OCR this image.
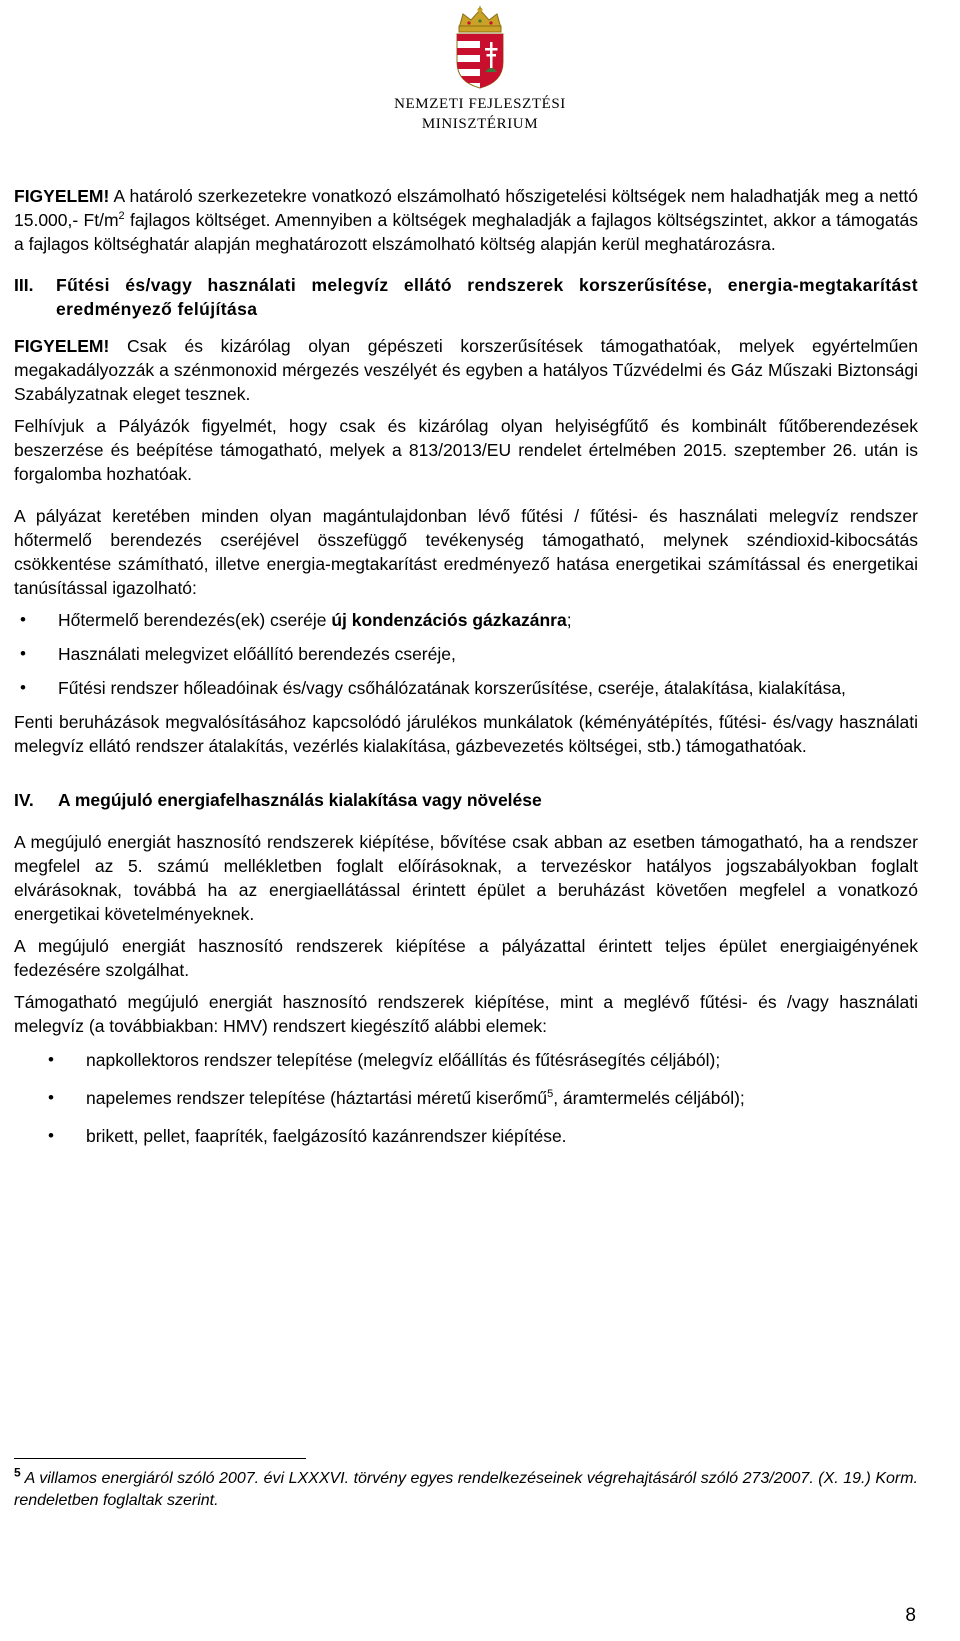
NEMZETI FEJLESZTÉSI
MINISZTÉRIUM

FIGYELEM! A határoló szerkezetekre vonatkozó elszámolható hőszigetelési költségek nem haladhatják meg a nettó 15.000,- $Ft/m^2$ fajlagos költséget. Amennyiben a költségek meghaladják a fajlagos költségszintet, akkor a támogatás a fajlagos költséghatár alapján meghatározott elszámolható költség alapján kerül meghatározásra.

III.	Fűtési és/vagy használati melegvíz ellátó rendszerek korszerűsítése, energia-megtakarítást eredményező felújítása

FIGYELEM! Csak és kizárólag olyan gépészeti korszerűsítések támogathatóak, melyek egyértelműen megakadályozzák a szénmonoxid mérgezés veszélyét és egyben a hatályos Tűzvédelmi és Gáz Műszaki Biztonsági Szabályzatnak eleget tesznek.

Felhívjuk a Pályázók figyelmét, hogy csak és kizárólag olyan helyiségfűtő és kombinált fűtőberendezések beszerzése és beépítése támogatható, melyek a 813/2013/EU rendelet értelmében 2015. szeptember 26. után is forgalomba hozhatóak.

A pályázat keretében minden olyan magántulajdonban lévő fűtési / fűtési- és használati melegvíz rendszer hőtermelő berendezés cseréjével összefüggő tevékenység támogatható, melynek széndioxid-kibocsátás csökkentése számítható, illetve energia-megtakarítást eredményező hatása energetikai számítással és energetikai tanúsítással igazolható:

• Hőtermelő berendezés(ek) cseréje új kondenzációs gázkazánra;
• Használati melegvizet előállító berendezés cseréje,
• Fűtési rendszer hőleadóinak és/vagy csőhálózatának korszerűsítése, cseréje, átalakítása, kialakítása,

Fenti beruházások megvalósításához kapcsolódó járulékos munkálatok (kéményátépítés, fűtési- és/vagy használati melegvíz ellátó rendszer átalakítás, vezérlés kialakítása, gázbevezetés költségei, stb.) támogathatóak.

IV.	A megújuló energiafelhasználás kialakítása vagy növelése

A megújuló energiát hasznosító rendszerek kiépítése, bővítése csak abban az esetben támogatható, ha a rendszer megfelel az 5. számú mellékletben foglalt előírásoknak, a tervezéskor hatályos jogszabályokban foglalt elvárásoknak, továbbá ha az energiaellátással érintett épület a beruházást követően megfelel a vonatkozó energetikai követelményeknek.

A megújuló energiát hasznosító rendszerek kiépítése a pályázattal érintett teljes épület energiaigényének fedezésére szolgálhat.

Támogatható megújuló energiát hasznosító rendszerek kiépítése, mint a meglévő fűtési- és /vagy használati melegvíz (a továbbiakban: HMV) rendszert kiegészítő alábbi elemek:

• napkollektoros rendszer telepítése (melegvíz előállítás és fűtésrásegítés céljából);
• napelemes rendszer telepítése (háztartási méretű kiserőmű$^5$, áramtermelés céljából);
• brikett, pellet, faapríték, faelgázosító kazánrendszer kiépítése.
$^5$ A villamos energiáról szóló 2007. évi LXXXVI. törvény egyes rendelkezéseinek végrehajtásáról szóló 273/2007. (X. 19.) Korm. rendeletben foglaltak szerint.
8
